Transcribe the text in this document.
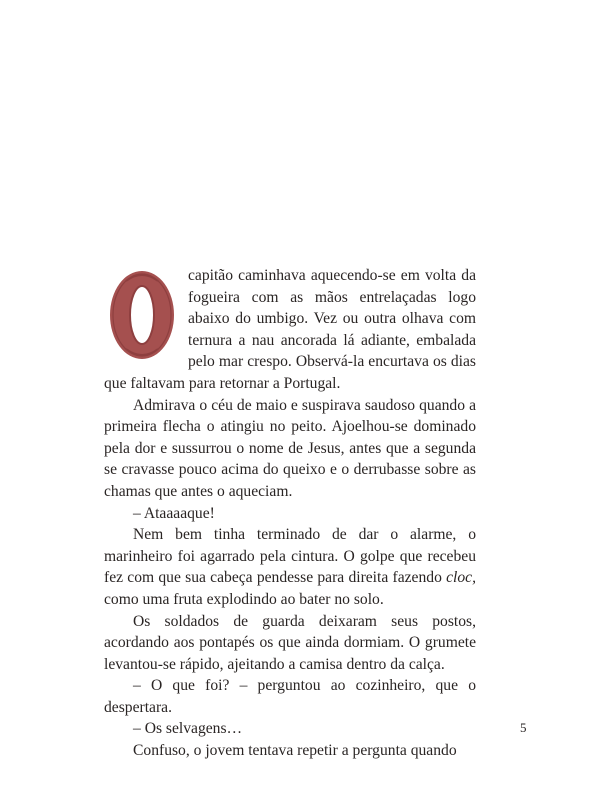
O	capitão caminhava aquecendo-se em volta da fogueira com as mãos entrelaçadas logo abaixo do umbigo. Vez ou outra olhava com ternura a nau ancorada lá adiante, embalada pelo mar crespo. Observá-la encurtava os dias que faltavam para retornar a Portugal.

Admirava o céu de maio e suspirava saudoso quando a primeira flecha o atingiu no peito. Ajoelhou-se dominado pela dor e sussurrou o nome de Jesus, antes que a segunda se cravasse pouco acima do queixo e o derrubasse sobre as chamas que antes o aqueciam.

– Ataaaaque!

Nem bem tinha terminado de dar o alarme, o marinheiro foi agarrado pela cintura. O golpe que recebeu fez com que sua cabeça pendesse para direita fazendo cloc, como uma fruta explodindo ao bater no solo.

Os soldados de guarda deixaram seus postos, acordando aos pontapés os que ainda dormiam. O grumete levantou-se rápido, ajeitando a camisa dentro da calça.

– O que foi? – perguntou ao cozinheiro, que o despertara.

– Os selvagens…

Confuso, o jovem tentava repetir a pergunta quando

5
